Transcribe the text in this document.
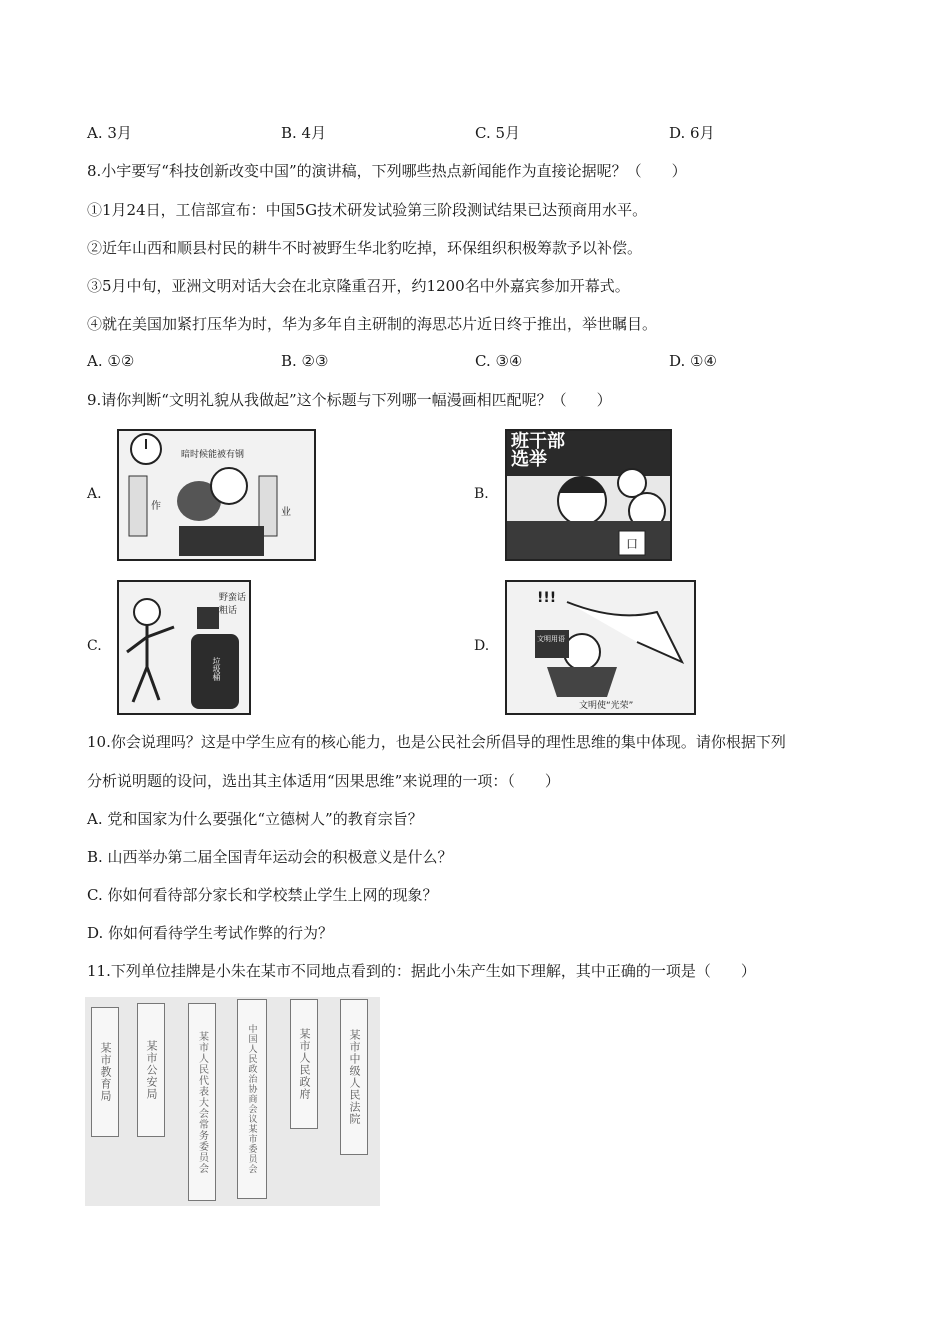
A. 3月	B. 4月	C. 5月	D. 6月
8.小宇要写“科技创新改变中国”的演讲稿，下列哪些热点新闻能作为直接论据呢？（　　）
①1月24日，工信部宣布：中国5G技术研发试验第三阶段测试结果已达预商用水平。
②近年山西和顺县村民的耕牛不时被野生华北豹吃掉，环保组织积极筹款予以补偿。
③5月中旬，亚洲文明对话大会在北京隆重召开，约1200名中外嘉宾参加开幕式。
④就在美国加紧打压华为时，华为多年自主研制的海思芯片近日终于推出，举世瞩目。
A. ①②	B. ②③	C. ③④	D. ①④
9.请你判断“文明礼貌从我做起”这个标题与下列哪一幅漫画相匹配呢？（　　）
A.
暗时候能被有钢
作
业
B.
班干部选举
口
C.
野蛮话 粗话
垃圾桶
D.
!!!
文明用语
文明使“光荣”
10.你会说理吗？这是中学生应有的核心能力，也是公民社会所倡导的理性思维的集中体现。请你根据下列
分析说明题的设问，选出其主体适用“因果思维”来说理的一项：（　　）
A. 党和国家为什么要强化“立德树人”的教育宗旨？
B. 山西举办第二届全国青年运动会的积极意义是什么？
C. 你如何看待部分家长和学校禁止学生上网的现象？
D. 你如何看待学生考试作弊的行为？
11.下列单位挂牌是小朱在某市不同地点看到的：据此小朱产生如下理解，其中正确的一项是（　　）
某市教育局	某市公安局	某市人民代表大会常务委员会	中国人民政治协商会议某市委员会	某市人民政府	某市中级人民法院
